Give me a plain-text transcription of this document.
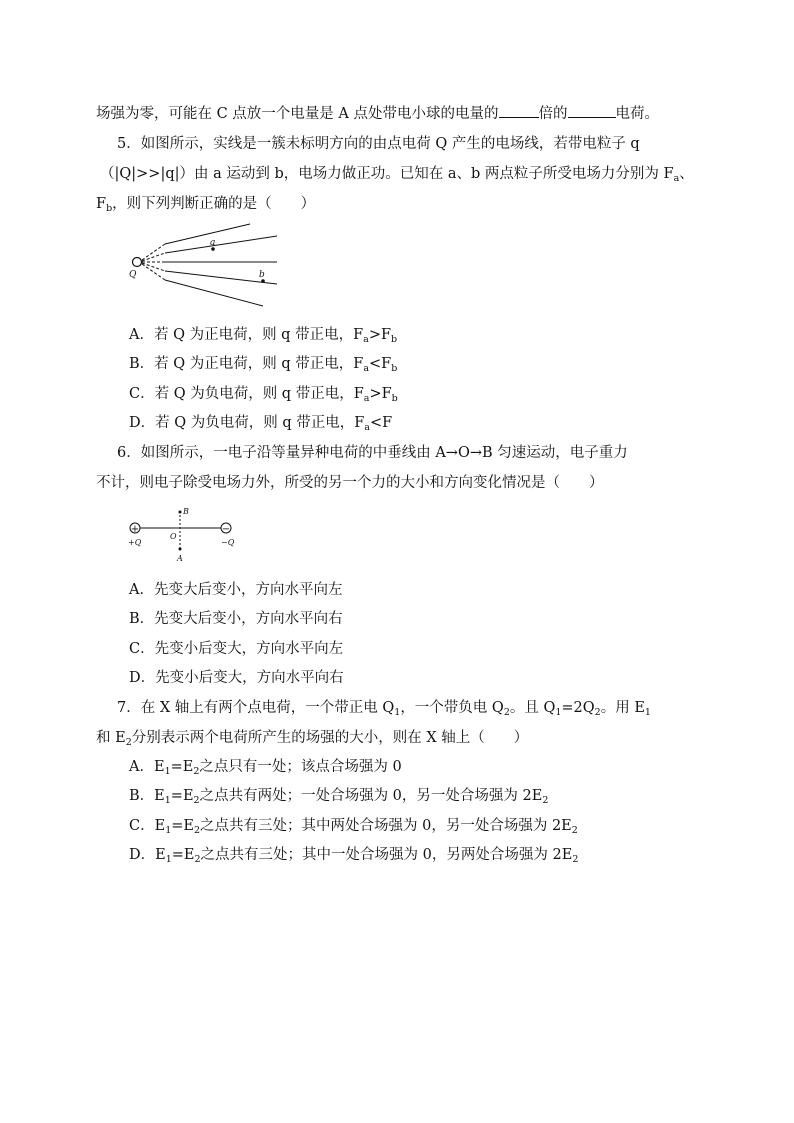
场强为零，可能在 C 点放一个电量是 A 点处带电小球的电量的	倍的	电荷。
5．如图所示，实线是一簇未标明方向的由点电荷 Q 产生的电场线，若带电粒子 q
（|Q|>>|q|）由 a 运动到 b，电场力做正功。已知在 a、b 两点粒子所受电场力分别为 $F_a$、
$F_b$，则下列判断正确的是（　　）
Q
a
b
A．若 Q 为正电荷，则 q 带正电，$F_a>F_b$
B．若 Q 为正电荷，则 q 带正电，$F_a<F_b$
C．若 Q 为负电荷，则 q 带正电，$F_a>F_b$
D．若 Q 为负电荷，则 q 带正电，$F_a<F$
6．如图所示，一电子沿等量异种电荷的中垂线由 A→O→B 匀速运动，电子重力
不计，则电子除受电场力外，所受的另一个力的大小和方向变化情况是（　　）
+	−
+Q	−Q
O
B
A
A．先变大后变小，方向水平向左
B．先变大后变小，方向水平向右
C．先变小后变大，方向水平向左
D．先变小后变大，方向水平向右
7．在 X 轴上有两个点电荷，一个带正电 $Q_1$，一个带负电 $Q_2$。且 $Q_1=2Q_2$。用 $E_1$
和 $E_2$分别表示两个电荷所产生的场强的大小，则在 X 轴上（　　）
A．$E_1=E_2$之点只有一处；该点合场强为 0
B．$E_1=E_2$之点共有两处；一处合场强为 0，另一处合场强为 $2E_2$
C．$E_1=E_2$之点共有三处；其中两处合场强为 0，另一处合场强为 $2E_2$
D．$E_1=E_2$之点共有三处；其中一处合场强为 0，另两处合场强为 $2E_2$
